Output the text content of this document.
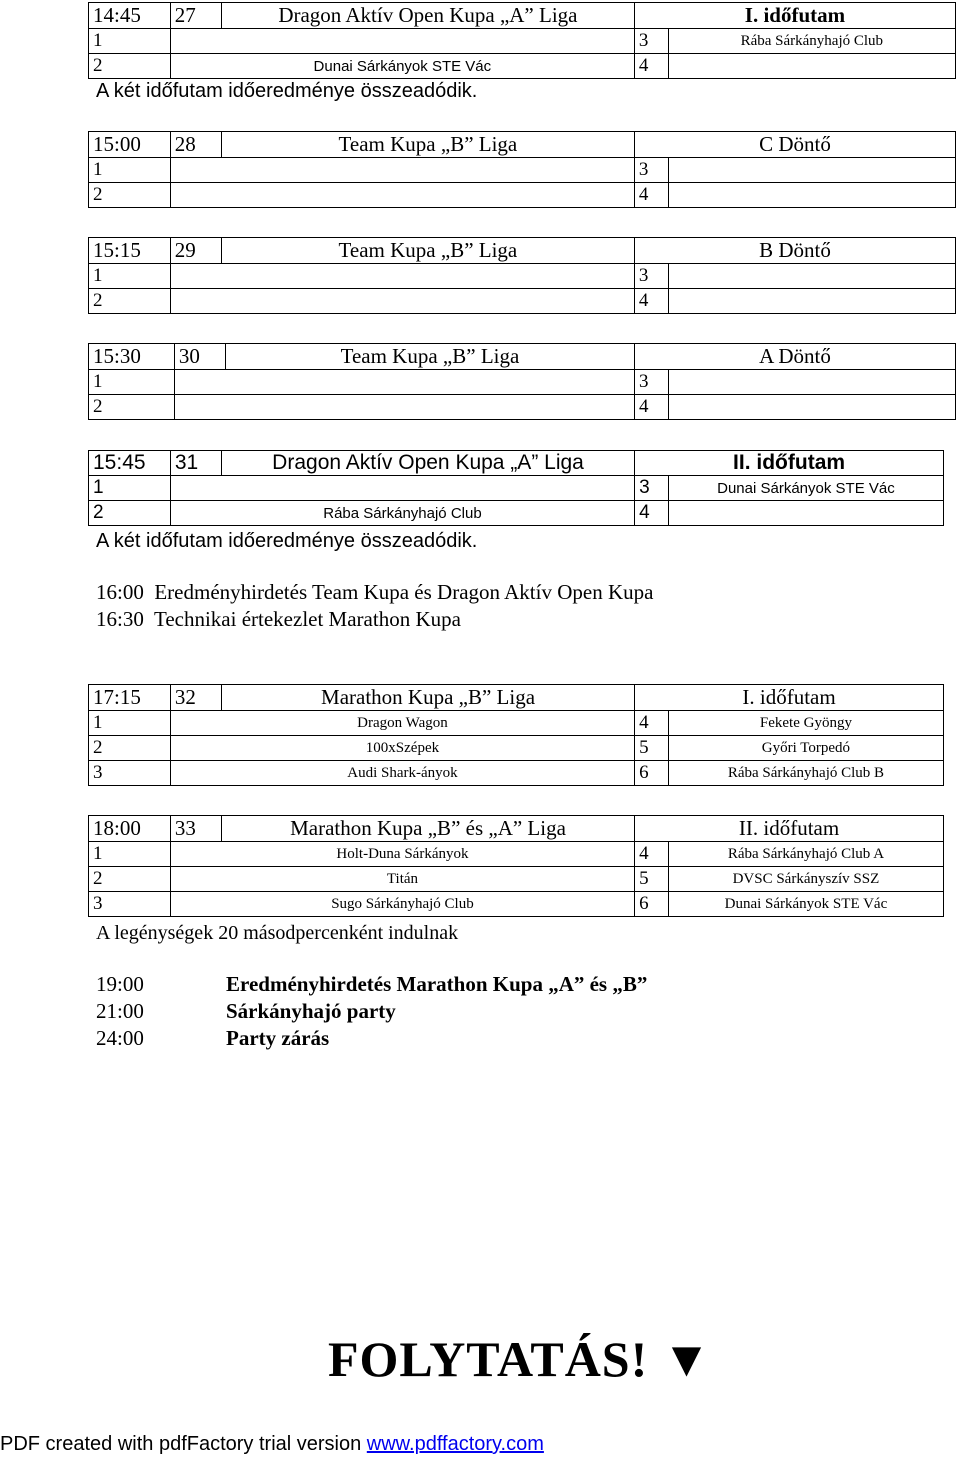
14:45	27	Dragon Aktív Open Kupa „A” Liga	I. időfutam	
1			3	Rába Sárkányhajó Club
2	Dunai Sárkányok STE Vác		4	
A két időfutam időeredménye összeadódik.
15:00	28	Team Kupa „B” Liga	C Döntő	
1			3	
2			4	
15:15	29	Team Kupa „B” Liga	B Döntő	
1			3	
2			4	
15:30	30	Team Kupa „B” Liga	A Döntő	
1			3	
2			4	
15:45	31	Dragon Aktív Open Kupa „A” Liga	II. időfutam	
1			3	Dunai Sárkányok STE Vác
2	Rába Sárkányhajó Club		4	
A két időfutam időeredménye összeadódik.
16:00 Eredményhirdetés Team Kupa és Dragon Aktív Open Kupa
16:30 Technikai értekezlet Marathon Kupa
17:15	32	Marathon Kupa „B” Liga	I. időfutam	
1	Dragon Wagon		4	Fekete Gyöngy
2	100xSzépek		5	Győri Torpedó
3	Audi Shark-ányok		6	Rába Sárkányhajó Club B
18:00	33	Marathon Kupa „B” és „A” Liga	II. időfutam	
1	Holt-Duna Sárkányok		4	Rába Sárkányhajó Club A
2	Titán		5	DVSC Sárkányszív SSZ
3	Sugo Sárkányhajó Club		6	Dunai Sárkányok STE Vác
A legénységek 20 másodpercenként indulnak
19:00	Eredményhirdetés Marathon Kupa „A” és „B”
21:00	Sárkányhajó party
24:00	Party zárás
FOLYTATÁS! ▼
PDF created with pdfFactory trial version www.pdffactory.com
